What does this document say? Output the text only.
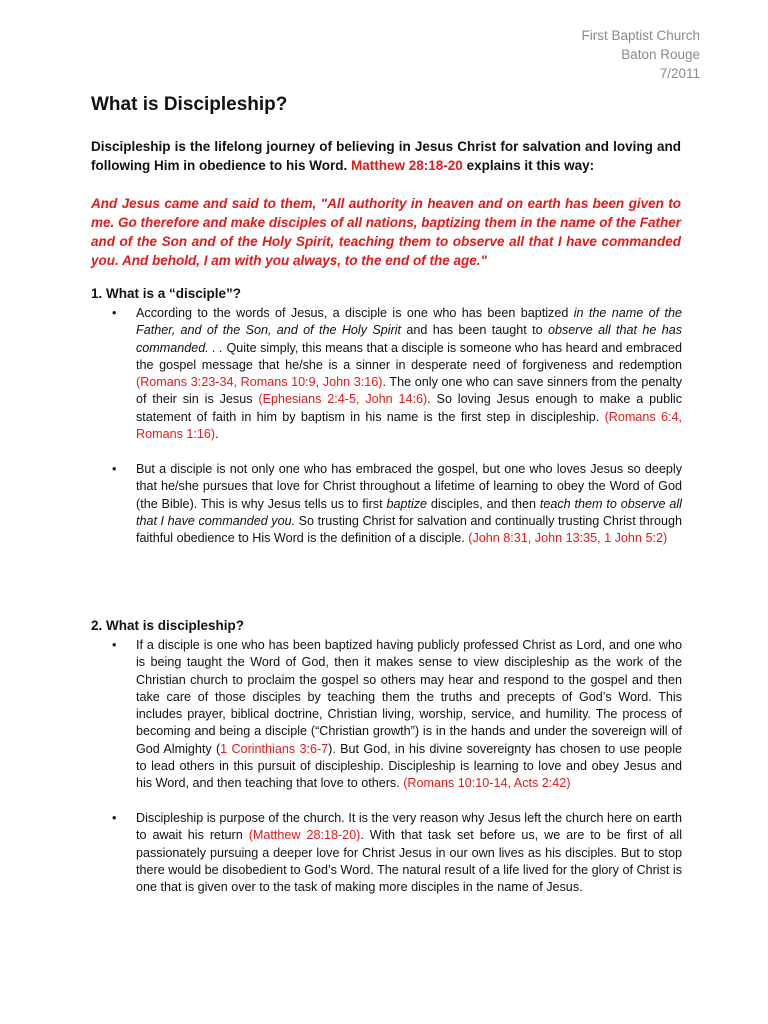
First Baptist Church
Baton Rouge
7/2011
What is Discipleship?

Discipleship is the lifelong journey of believing in Jesus Christ for salvation and loving and following Him in obedience to his Word. Matthew 28:18-20 explains it this way:

And Jesus came and said to them, "All authority in heaven and on earth has been given to me. Go therefore and make disciples of all nations, baptizing them in the name of the Father and of the Son and of the Holy Spirit, teaching them to observe all that I have commanded you. And behold, I am with you always, to the end of the age."

1. What is a “disciple”?
•	According to the words of Jesus, a disciple is one who has been baptized in the name of the Father, and of the Son, and of the Holy Spirit and has been taught to observe all that he has commanded. . . Quite simply, this means that a disciple is someone who has heard and embraced the gospel message that he/she is a sinner in desperate need of forgiveness and redemption (Romans 3:23-34, Romans 10:9, John 3:16). The only one who can save sinners from the penalty of their sin is Jesus (Ephesians 2:4-5, John 14:6). So loving Jesus enough to make a public statement of faith in him by baptism in his name is the first step in discipleship. (Romans 6:4, Romans 1:16).
•	But a disciple is not only one who has embraced the gospel, but one who loves Jesus so deeply that he/she pursues that love for Christ throughout a lifetime of learning to obey the Word of God (the Bible). This is why Jesus tells us to first baptize disciples, and then teach them to observe all that I have commanded you. So trusting Christ for salvation and continually trusting Christ through faithful obedience to His Word is the definition of a disciple. (John 8:31, John 13:35, 1 John 5:2)
2. What is discipleship?
•	If a disciple is one who has been baptized having publicly professed Christ as Lord, and one who is being taught the Word of God, then it makes sense to view discipleship as the work of the Christian church to proclaim the gospel so others may hear and respond to the gospel and then take care of those disciples by teaching them the truths and precepts of God’s Word. This includes prayer, biblical doctrine, Christian living, worship, service, and humility. The process of becoming and being a disciple (“Christian growth”) is in the hands and under the sovereign will of God Almighty (1 Corinthians 3:6-7). But God, in his divine sovereignty has chosen to use people to lead others in this pursuit of discipleship. Discipleship is learning to love and obey Jesus and his Word, and then teaching that love to others. (Romans 10:10-14, Acts 2:42)
•	Discipleship is purpose of the church. It is the very reason why Jesus left the church here on earth to await his return (Matthew 28:18-20). With that task set before us, we are to be first of all passionately pursuing a deeper love for Christ Jesus in our own lives as his disciples. But to stop there would be disobedient to God’s Word. The natural result of a life lived for the glory of Christ is one that is given over to the task of making more disciples in the name of Jesus.
